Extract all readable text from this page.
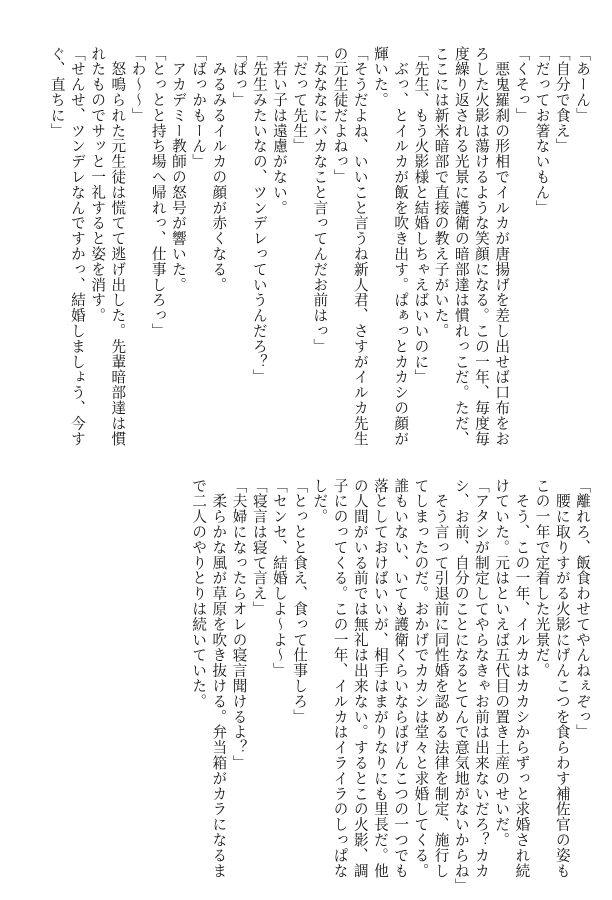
「あーん」
「自分で食え」
「だってお箸ないもん」
「くそっ」
　悪鬼羅刹の形相でイルカが唐揚げを差し出せば口布をお
ろした火影は蕩けるような笑顔になる。この一年、毎度毎
度繰り返される光景に護衛の暗部達は慣れっこだ。ただ、
ここには新米暗部で直接の教え子がいた。
「先生、もう火影様と結婚しちゃえばいいのに」
　ぶっ、とイルカが飯を吹き出す。ぱぁっとカカシの顔が
輝いた。
「そうだよね、いいこと言うね新人君、さすがイルカ先生
の元生徒だよねっ」
「なななにバカなこと言ってんだお前はっ」
「だって先生」
　若い子は遠慮がない。
「先生みたいなの、ツンデレっていうんだろ？」
「ぱっ」
　みるみるイルカの顔が赤くなる。
「ばっかもーん」
　アカデミー教師の怒号が響いた。
「とっとと持ち場へ帰れっ、仕事しろっ」
「わ～～」
　怒鳴られた元生徒は慌てて逃げ出した。先輩暗部達は慣
れたものでサッと一礼すると姿を消す。
「せんせ、ツンデレなんですかっ、結婚しましょう、今す
ぐ、直ちに」
「離れろ、飯食わせてやんねぇぞっ」
　腰に取りすがる火影にげんこつを食らわす補佐官の姿も
この一年で定着した光景だ。
　そう、この一年、イルカはカカシからずっと求婚され続
けていた。元はといえば五代目の置き土産のせいだ。
「アタシが制定してやらなきゃお前は出来ないだろ？カカ
シ、お前、自分のことになるとてんで意気地がないからね」
　そう言って引退前に同性婚を認める法律を制定、施行し
てしまったのだ。おかげでカカシは堂々と求婚してくる。
誰もいない、いても護衛くらいならばげんこつの一つでも
落としておけばいいが、相手はまがりなりにも里長だ。他
の人間がいる前では無礼は出来ない。するとこの火影、調
子にのってくる。この一年、イルカはイライラのしっぱな
しだ。
「とっとと食え、食って仕事しろ」
「センセ、結婚しよ～よ～」
「寝言は寝て言え」
「夫婦になったらオレの寝言聞けるよ？」
　柔らかな風が草原を吹き抜ける。弁当箱がカラになるま
で二人のやりとりは続いていた。
